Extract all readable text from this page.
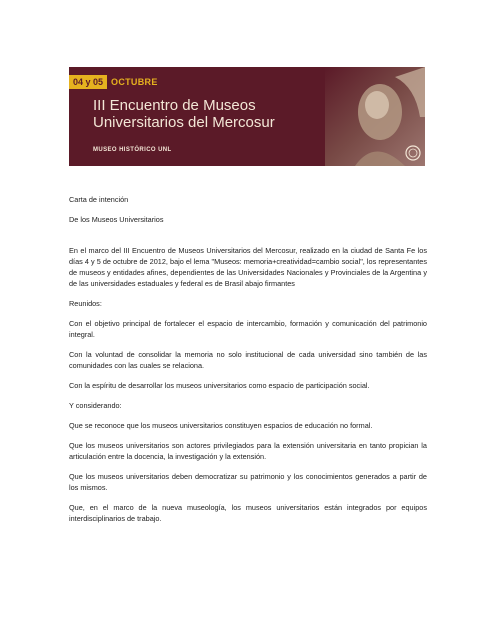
04 y 05 OCTUBRE
III Encuentro de Museos
Universitarios del Mercosur
MUSEO HISTÓRICO UNL

Carta de intención

De los Museos Universitarios

En el marco del III Encuentro de Museos Universitarios del Mercosur, realizado en la ciudad de Santa Fe los días 4 y 5 de octubre de 2012, bajo el lema "Museos: memoria+creatividad=cambio social", los representantes de museos y entidades afines, dependientes de las Universidades Nacionales y Provinciales de la Argentina y de las universidades estaduales y federal es de Brasil abajo firmantes

Reunidos:

Con el objetivo principal de fortalecer el espacio de intercambio, formación y comunicación del patrimonio integral.

Con la voluntad de consolidar la memoria no solo institucional de cada universidad sino también de las comunidades con las cuales se relaciona.

Con la espíritu de desarrollar los museos universitarios como espacio de participación social.

Y considerando:

Que se reconoce que los museos universitarios constituyen espacios de educación no formal.

Que los museos universitarios son actores privilegiados para la extensión universitaria en tanto propician la articulación entre la docencia, la investigación y la extensión.

Que los museos universitarios deben democratizar su patrimonio y los conocimientos generados a partir de los mismos.

Que, en el marco de la nueva museología, los museos universitarios están integrados por equipos interdisciplinarios de trabajo.
